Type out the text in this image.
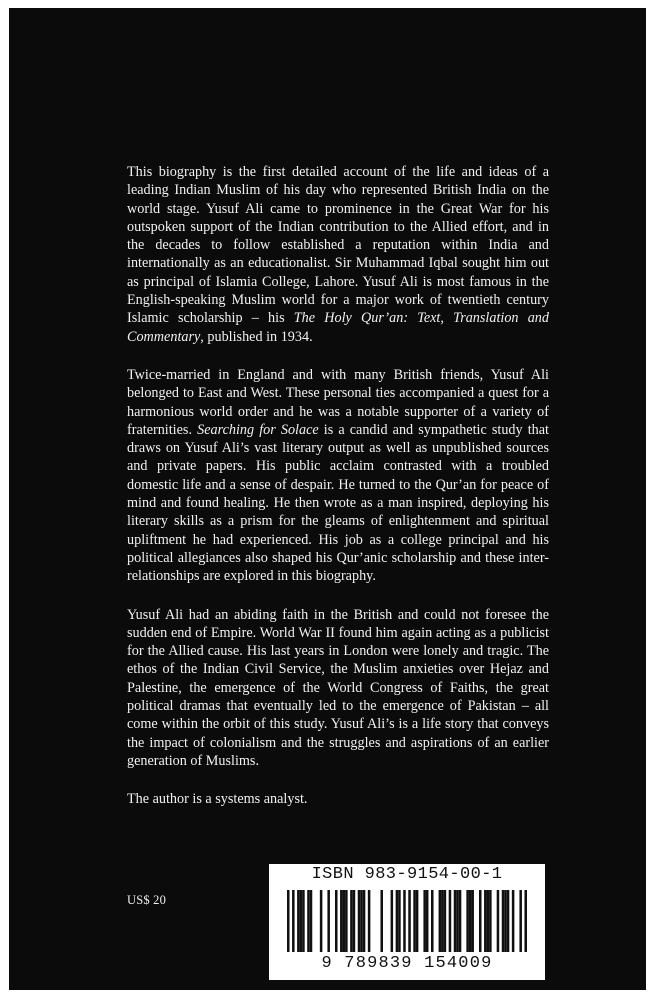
This biography is the first detailed account of the life and ideas of a leading Indian Muslim of his day who represented British India on the world stage. Yusuf Ali came to prominence in the Great War for his outspoken support of the Indian contribution to the Allied effort, and in the decades to follow established a reputation within India and internationally as an educationalist. Sir Muhammad Iqbal sought him out as principal of Islamia College, Lahore. Yusuf Ali is most famous in the English-speaking Muslim world for a major work of twentieth century Islamic scholarship – his The Holy Qur’an: Text, Translation and Commentary, published in 1934.

Twice-married in England and with many British friends, Yusuf Ali belonged to East and West. These personal ties accompanied a quest for a harmonious world order and he was a notable supporter of a variety of fraternities. Searching for Solace is a candid and sympathetic study that draws on Yusuf Ali’s vast literary output as well as unpublished sources and private papers. His public acclaim contrasted with a troubled domestic life and a sense of despair. He turned to the Qur’an for peace of mind and found healing. He then wrote as a man inspired, deploying his literary skills as a prism for the gleams of enlightenment and spiritual upliftment he had experienced. His job as a college principal and his political allegiances also shaped his Qur’anic scholarship and these inter-relationships are explored in this biography.

Yusuf Ali had an abiding faith in the British and could not foresee the sudden end of Empire. World War II found him again acting as a publicist for the Allied cause. His last years in London were lonely and tragic. The ethos of the Indian Civil Service, the Muslim anxieties over Hejaz and Palestine, the emergence of the World Congress of Faiths, the great political dramas that eventually led to the emergence of Pakistan – all come within the orbit of this study. Yusuf Ali’s is a life story that conveys the impact of colonialism and the struggles and aspirations of an earlier generation of Muslims.

The author is a systems analyst.

US$ 20
ISBN 983-9154-00-1
9 789839 154009
